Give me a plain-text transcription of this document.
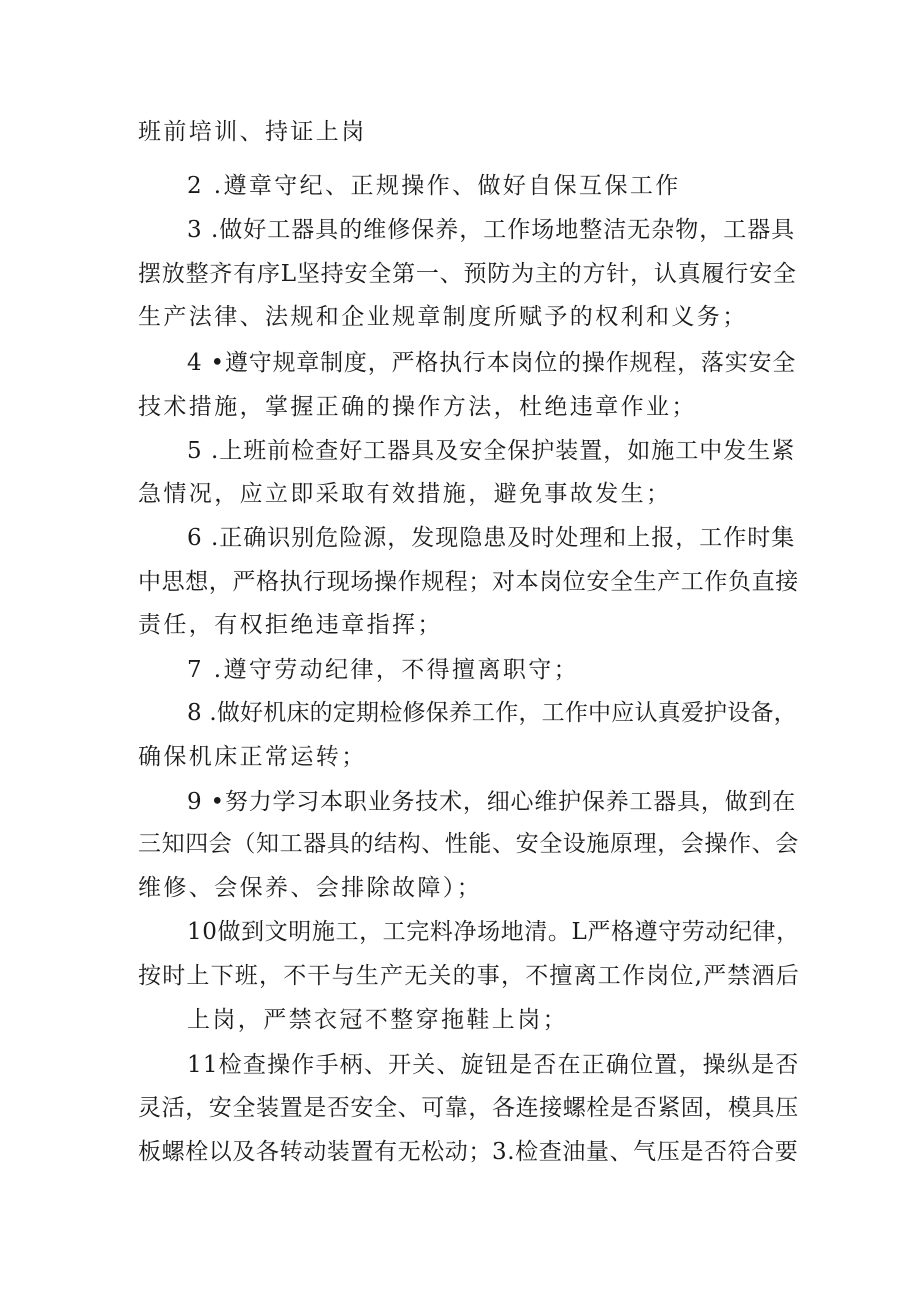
班前培训、持证上岗
2 .遵章守纪、正规操作、做好自保互保工作
3 .做好工器具的维修保养，工作场地整洁无杂物，工器具
摆放整齐有序L坚持安全第一、预防为主的方针，认真履行安全
生产法律、法规和企业规章制度所赋予的权利和义务；
4 •遵守规章制度，严格执行本岗位的操作规程，落实安全
技术措施，掌握正确的操作方法，杜绝违章作业；
5 .上班前检查好工器具及安全保护装置，如施工中发生紧
急情况，应立即采取有效措施，避免事故发生；
6 .正确识别危险源，发现隐患及时处理和上报，工作时集
中思想，严格执行现场操作规程；对本岗位安全生产工作负直接
责任，有权拒绝违章指挥；
7 .遵守劳动纪律，不得擅离职守；
8 .做好机床的定期检修保养工作，工作中应认真爱护设备，
确保机床正常运转；
9 •努力学习本职业务技术，细心维护保养工器具，做到在
三知四会（知工器具的结构、性能、安全设施原理，会操作、会
维修、会保养、会排除故障）；
10做到文明施工，工完料净场地清。L严格遵守劳动纪律，
按时上下班，不干与生产无关的事，不擅离工作岗位,严禁酒后
上岗，严禁衣冠不整穿拖鞋上岗；
11检查操作手柄、开关、旋钮是否在正确位置，操纵是否
灵活，安全装置是否安全、可靠，各连接螺栓是否紧固，模具压
板螺栓以及各转动装置有无松动；3.检查油量、气压是否符合要
